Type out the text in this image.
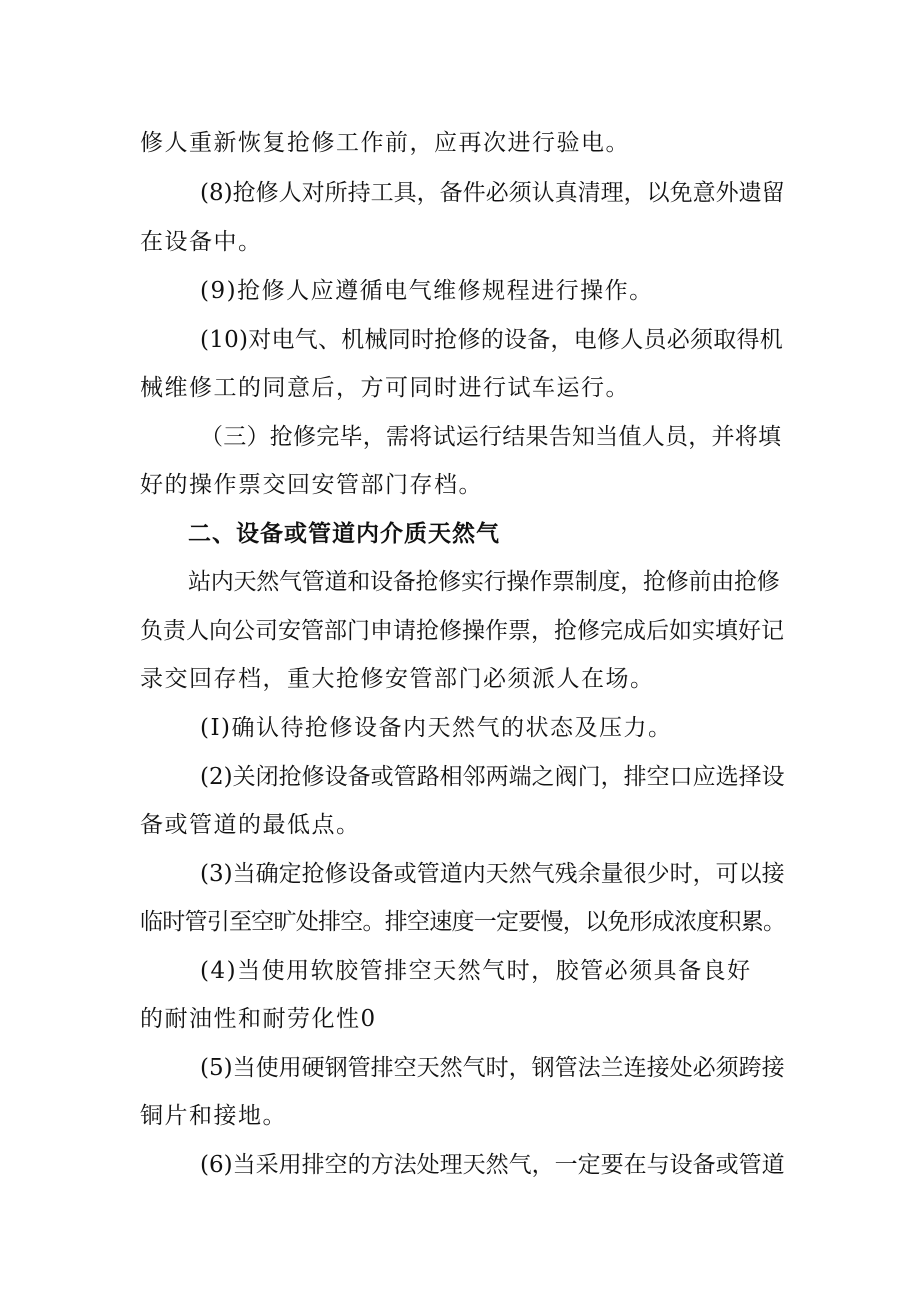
修人重新恢复抢修工作前，应再次进行验电。
(8)抢修人对所持工具，备件必须认真清理，以免意外遗留
在设备中。
(9)抢修人应遵循电气维修规程进行操作。
(10)对电气、机械同时抢修的设备，电修人员必须取得机
械维修工的同意后，方可同时进行试车运行。
（三）抢修完毕，需将试运行结果告知当值人员，并将填
好的操作票交回安管部门存档。
二、设备或管道内介质天然气
站内天然气管道和设备抢修实行操作票制度，抢修前由抢修
负责人向公司安管部门申请抢修操作票，抢修完成后如实填好记
录交回存档，重大抢修安管部门必须派人在场。
(I)确认待抢修设备内天然气的状态及压力。
(2)关闭抢修设备或管路相邻两端之阀门，排空口应选择设
备或管道的最低点。
(3)当确定抢修设备或管道内天然气残余量很少时，可以接
临时管引至空旷处排空。排空速度一定要慢，以免形成浓度积累。
(4)当使用软胶管排空天然气时，胶管必须具备良好
的耐油性和耐劳化性0
(5)当使用硬钢管排空天然气时，钢管法兰连接处必须跨接
铜片和接地。
(6)当采用排空的方法处理天然气，一定要在与设备或管道
